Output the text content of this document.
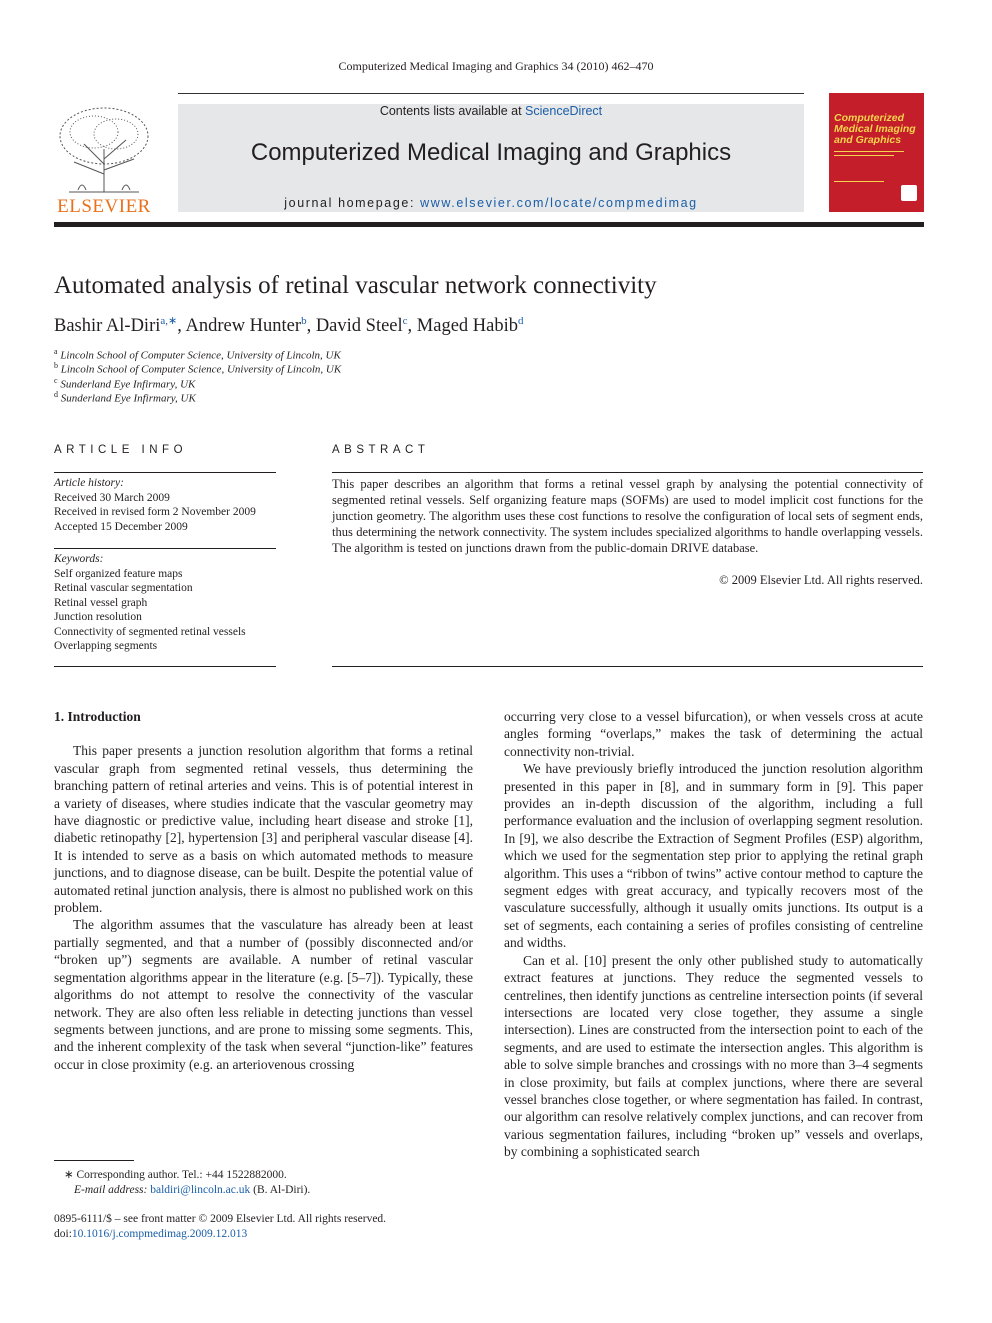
Computerized Medical Imaging and Graphics 34 (2010) 462–470
ELSEVIER
Contents lists available at ScienceDirect
Computerized Medical Imaging and Graphics
journal homepage: www.elsevier.com/locate/compmedimag
Computerized Medical Imaging and Graphics
Automated analysis of retinal vascular network connectivity
Bashir Al-Diri$^{a,∗}$, Andrew Hunter$^b$, David Steel$^c$, Maged Habib$^d$
$^a$ Lincoln School of Computer Science, University of Lincoln, UK
$^b$ Lincoln School of Computer Science, University of Lincoln, UK
$^c$ Sunderland Eye Infirmary, UK
$^d$ Sunderland Eye Infirmary, UK
ARTICLE INFO
Article history:
Received 30 March 2009
Received in revised form 2 November 2009
Accepted 15 December 2009
Keywords:
Self organized feature maps
Retinal vascular segmentation
Retinal vessel graph
Junction resolution
Connectivity of segmented retinal vessels
Overlapping segments
ABSTRACT
This paper describes an algorithm that forms a retinal vessel graph by analysing the potential connectivity of segmented retinal vessels. Self organizing feature maps (SOFMs) are used to model implicit cost functions for the junction geometry. The algorithm uses these cost functions to resolve the configuration of local sets of segment ends, thus determining the network connectivity. The system includes specialized algorithms to handle overlapping vessels. The algorithm is tested on junctions drawn from the public-domain DRIVE database.
© 2009 Elsevier Ltd. All rights reserved.
1. Introduction

This paper presents a junction resolution algorithm that forms a retinal vascular graph from segmented retinal vessels, thus determining the branching pattern of retinal arteries and veins. This is of potential interest in a variety of diseases, where studies indicate that the vascular geometry may have diagnostic or predictive value, including heart disease and stroke [1], diabetic retinopathy [2], hypertension [3] and peripheral vascular disease [4]. It is intended to serve as a basis on which automated methods to measure junctions, and to diagnose disease, can be built. Despite the potential value of automated retinal junction analysis, there is almost no published work on this problem.

The algorithm assumes that the vasculature has already been at least partially segmented, and that a number of (possibly disconnected and/or “broken up”) segments are available. A number of retinal vascular segmentation algorithms appear in the literature (e.g. [5–7]). Typically, these algorithms do not attempt to resolve the connectivity of the vascular network. They are also often less reliable in detecting junctions than vessel segments between junctions, and are prone to missing some segments. This, and the inherent complexity of the task when several “junction-like” features occur in close proximity (e.g. an arteriovenous crossing

occurring very close to a vessel bifurcation), or when vessels cross at acute angles forming “overlaps,” makes the task of determining the actual connectivity non-trivial.

We have previously briefly introduced the junction resolution algorithm presented in this paper in [8], and in summary form in [9]. This paper provides an in-depth discussion of the algorithm, including a full performance evaluation and the inclusion of overlapping segment resolution. In [9], we also describe the Extraction of Segment Profiles (ESP) algorithm, which we used for the segmentation step prior to applying the retinal graph algorithm. This uses a “ribbon of twins” active contour method to capture the segment edges with great accuracy, and typically recovers most of the vasculature successfully, although it usually omits junctions. Its output is a set of segments, each containing a series of profiles consisting of centreline and widths.

Can et al. [10] present the only other published study to automatically extract features at junctions. They reduce the segmented vessels to centrelines, then identify junctions as centreline intersection points (if several intersections are located very close together, they assume a single intersection). Lines are constructed from the intersection point to each of the segments, and are used to estimate the intersection angles. This algorithm is able to solve simple branches and crossings with no more than 3–4 segments in close proximity, but fails at complex junctions, where there are several vessel branches close together, or where segmentation has failed. In contrast, our algorithm can resolve relatively complex junctions, and can recover from various segmentation failures, including “broken up” vessels and overlaps, by combining a sophisticated search

∗ Corresponding author. Tel.: +44 1522882000.
E-mail address: baldiri@lincoln.ac.uk (B. Al-Diri).
0895-6111/$ – see front matter © 2009 Elsevier Ltd. All rights reserved.
doi:10.1016/j.compmedimag.2009.12.013
